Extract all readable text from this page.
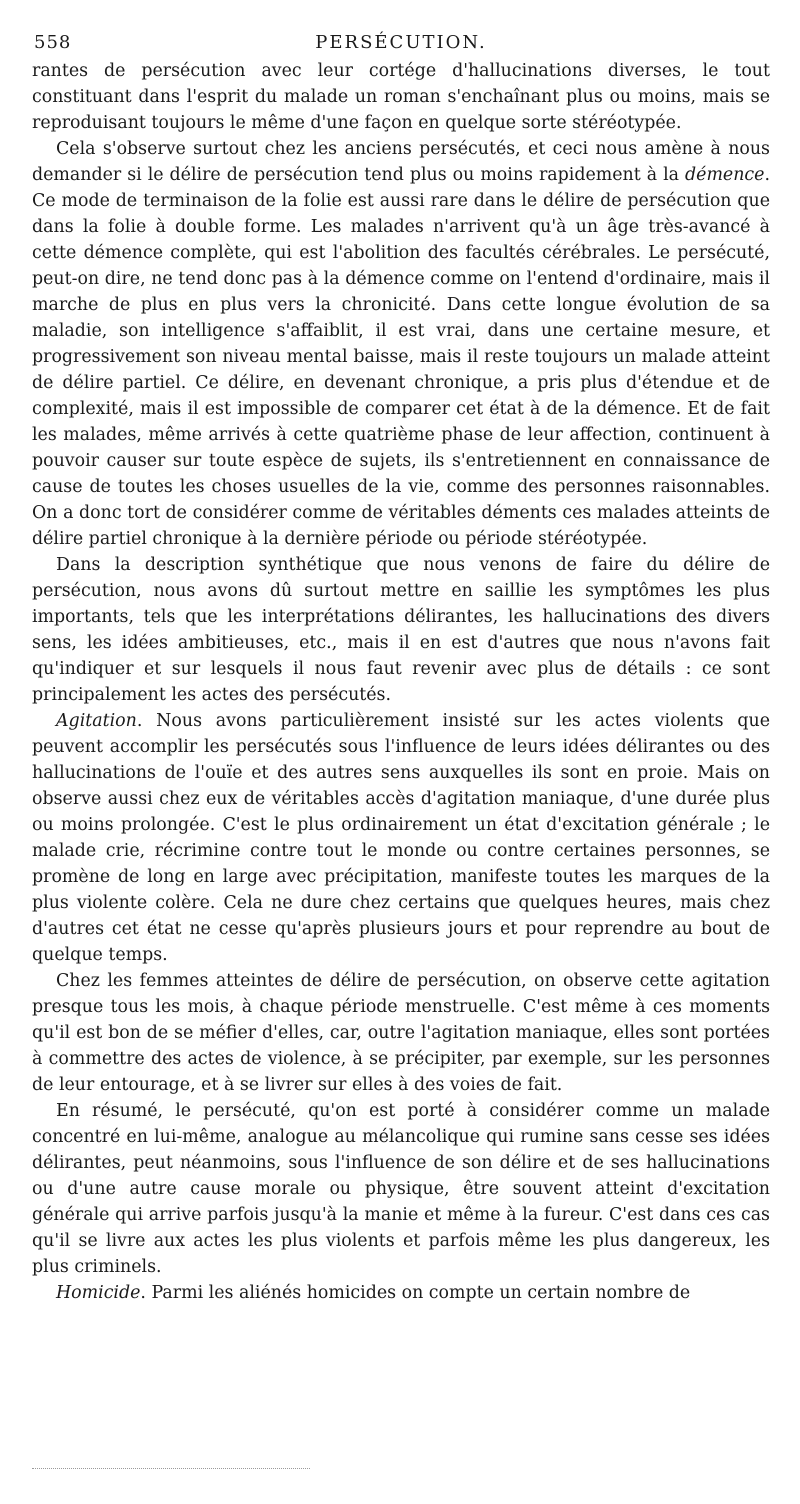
558	PERSÉCUTION.

rantes de persécution avec leur cortége d'hallucinations diverses, le tout constituant dans l'esprit du malade un roman s'enchaînant plus ou moins, mais se reproduisant toujours le même d'une façon en quelque sorte stéréotypée.

Cela s'observe surtout chez les anciens persécutés, et ceci nous amène à nous demander si le délire de persécution tend plus ou moins rapidement à la démence. Ce mode de terminaison de la folie est aussi rare dans le délire de persécution que dans la folie à double forme. Les malades n'arrivent qu'à un âge très-avancé à cette démence complète, qui est l'abolition des facultés cérébrales. Le persécuté, peut-on dire, ne tend donc pas à la démence comme on l'entend d'ordinaire, mais il marche de plus en plus vers la chronicité. Dans cette longue évolution de sa maladie, son intelligence s'affaiblit, il est vrai, dans une certaine mesure, et progressivement son niveau mental baisse, mais il reste toujours un malade atteint de délire partiel. Ce délire, en devenant chronique, a pris plus d'étendue et de complexité, mais il est impossible de comparer cet état à de la démence. Et de fait les malades, même arrivés à cette quatrième phase de leur affection, continuent à pouvoir causer sur toute espèce de sujets, ils s'entretiennent en connaissance de cause de toutes les choses usuelles de la vie, comme des personnes raisonnables. On a donc tort de considérer comme de véritables déments ces malades atteints de délire partiel chronique à la dernière période ou période stéréotypée.

Dans la description synthétique que nous venons de faire du délire de persécution, nous avons dû surtout mettre en saillie les symptômes les plus importants, tels que les interprétations délirantes, les hallucinations des divers sens, les idées ambitieuses, etc., mais il en est d'autres que nous n'avons fait qu'indiquer et sur lesquels il nous faut revenir avec plus de détails : ce sont principalement les actes des persécutés.

Agitation. Nous avons particulièrement insisté sur les actes violents que peuvent accomplir les persécutés sous l'influence de leurs idées délirantes ou des hallucinations de l'ouïe et des autres sens auxquelles ils sont en proie. Mais on observe aussi chez eux de véritables accès d'agitation maniaque, d'une durée plus ou moins prolongée. C'est le plus ordinairement un état d'excitation générale ; le malade crie, récrimine contre tout le monde ou contre certaines personnes, se promène de long en large avec précipitation, manifeste toutes les marques de la plus violente colère. Cela ne dure chez certains que quelques heures, mais chez d'autres cet état ne cesse qu'après plusieurs jours et pour reprendre au bout de quelque temps.

Chez les femmes atteintes de délire de persécution, on observe cette agitation presque tous les mois, à chaque période menstruelle. C'est même à ces moments qu'il est bon de se méfier d'elles, car, outre l'agitation maniaque, elles sont portées à commettre des actes de violence, à se précipiter, par exemple, sur les personnes de leur entourage, et à se livrer sur elles à des voies de fait.

En résumé, le persécuté, qu'on est porté à considérer comme un malade concentré en lui-même, analogue au mélancolique qui rumine sans cesse ses idées délirantes, peut néanmoins, sous l'influence de son délire et de ses hallucinations ou d'une autre cause morale ou physique, être souvent atteint d'excitation générale qui arrive parfois jusqu'à la manie et même à la fureur. C'est dans ces cas qu'il se livre aux actes les plus violents et parfois même les plus dangereux, les plus criminels.

Homicide. Parmi les aliénés homicides on compte un certain nombre de
